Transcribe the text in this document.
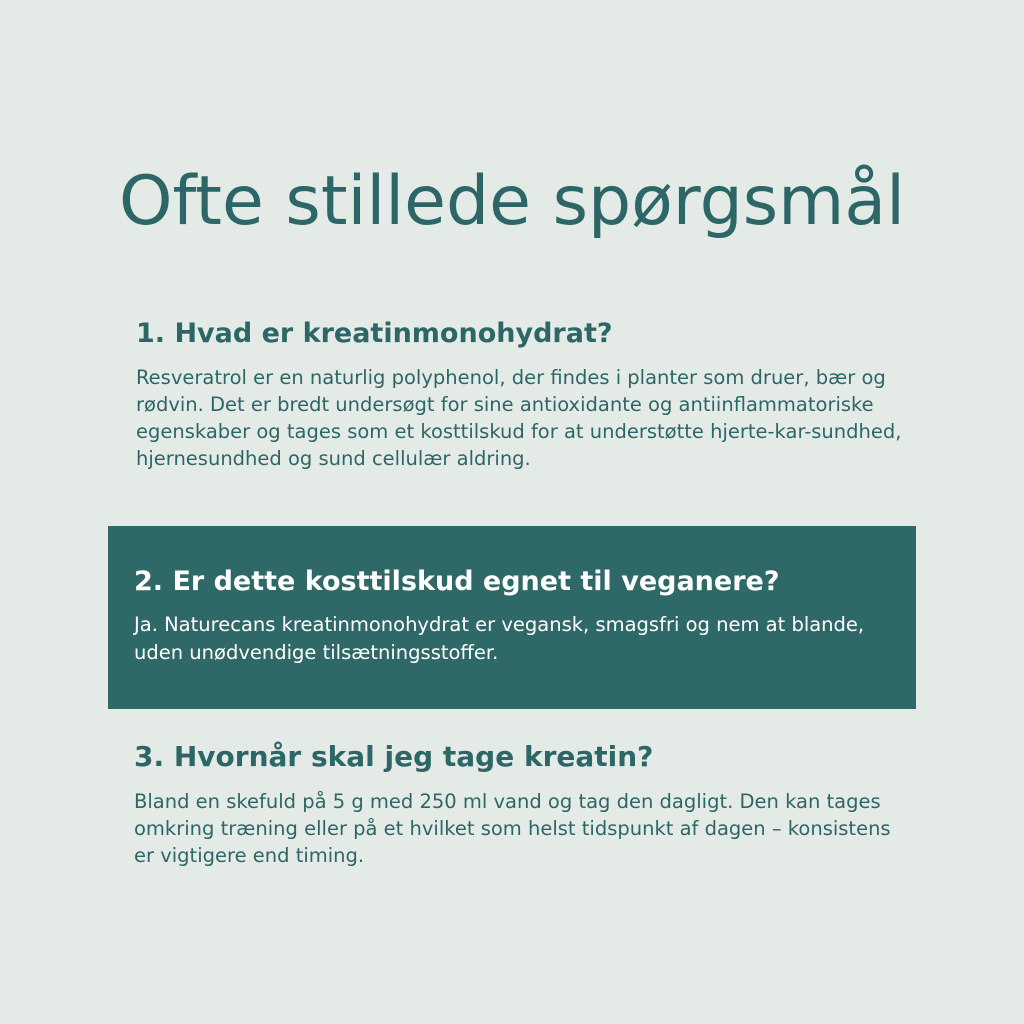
Ofte stillede spørgsmål
1. Hvad er kreatinmonohydrat?

Resveratrol er en naturlig polyphenol, der findes i planter som druer, bær og rødvin. Det er bredt undersøgt for sine antioxidante og antiinflammatoriske egenskaber og tages som et kosttilskud for at understøtte hjerte-kar-sundhed, hjernesundhed og sund cellulær aldring.

2. Er dette kosttilskud egnet til veganere?

Ja. Naturecans kreatinmonohydrat er vegansk, smagsfri og nem at blande, uden unødvendige tilsætningsstoffer.

3. Hvornår skal jeg tage kreatin?

Bland en skefuld på 5 g med 250 ml vand og tag den dagligt. Den kan tages omkring træning eller på et hvilket som helst tidspunkt af dagen – konsistens er vigtigere end timing.
